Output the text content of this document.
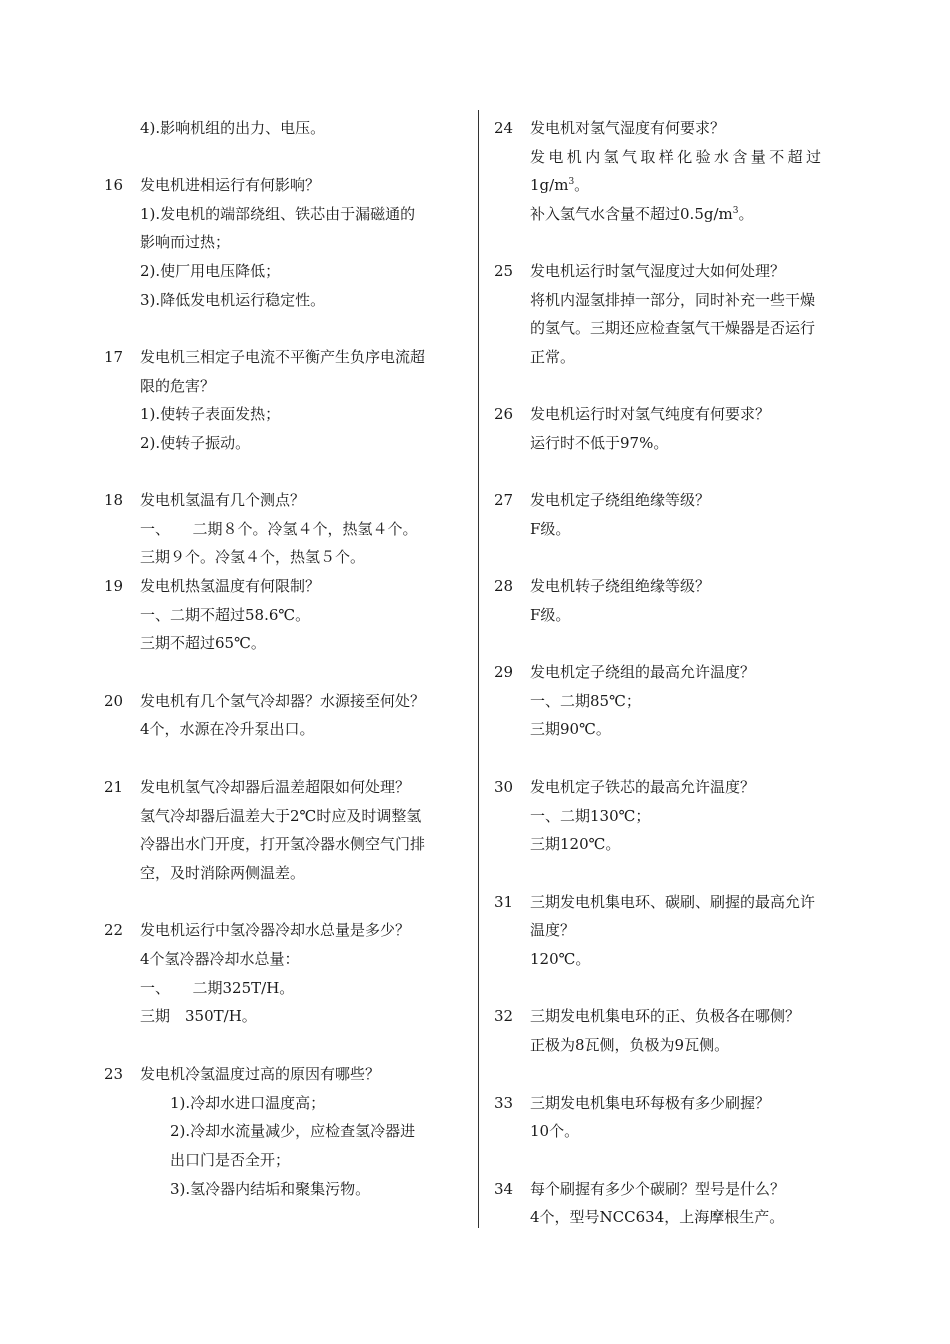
4).影响机组的出力、电压。
16 发电机进相运行有何影响？
1).发电机的端部绕组、铁芯由于漏磁通的
影响而过热；
2).使厂用电压降低；
3).降低发电机运行稳定性。
17 发电机三相定子电流不平衡产生负序电流超
限的危害？
1).使转子表面发热；
2).使转子振动。
18 发电机氢温有几个测点？
一、　　二期８个。冷氢４个，热氢４个。
三期９个。冷氢４个，热氢５个。
19 发电机热氢温度有何限制？
一、二期不超过58.6℃。
三期不超过65℃。
20 发电机有几个氢气冷却器？水源接至何处？
4个，水源在冷升泵出口。
21 发电机氢气冷却器后温差超限如何处理？
氢气冷却器后温差大于2℃时应及时调整氢
冷器出水门开度，打开氢冷器水侧空气门排
空，及时消除两侧温差。
22 发电机运行中氢冷器冷却水总量是多少？
4个氢冷器冷却水总量：
一、　　二期325T/H。
三期　350T/H。
23 发电机冷氢温度过高的原因有哪些？
1).冷却水进口温度高；
2).冷却水流量减少，应检查氢冷器进
出口门是否全开；
3).氢冷器内结垢和聚集污物。
24 发电机对氢气湿度有何要求？
发电机内氢气取样化验水含量不超过
$1g/m^3$。
补入氢气水含量不超过$0.5g/m^3$。
25 发电机运行时氢气湿度过大如何处理？
将机内湿氢排掉一部分，同时补充一些干燥
的氢气。三期还应检查氢气干燥器是否运行
正常。
26 发电机运行时对氢气纯度有何要求？
运行时不低于97%。
27 发电机定子绕组绝缘等级？
F级。
28 发电机转子绕组绝缘等级？
F级。
29 发电机定子绕组的最高允许温度？
一、二期85℃；
三期90℃。
30 发电机定子铁芯的最高允许温度？
一、二期130℃；
三期120℃。
31 三期发电机集电环、碳刷、刷握的最高允许
温度？
120℃。
32 三期发电机集电环的正、负极各在哪侧？
正极为8瓦侧，负极为9瓦侧。
33 三期发电机集电环每极有多少刷握？
10个。
34 每个刷握有多少个碳刷？型号是什么？
4个，型号NCC634，上海摩根生产。
